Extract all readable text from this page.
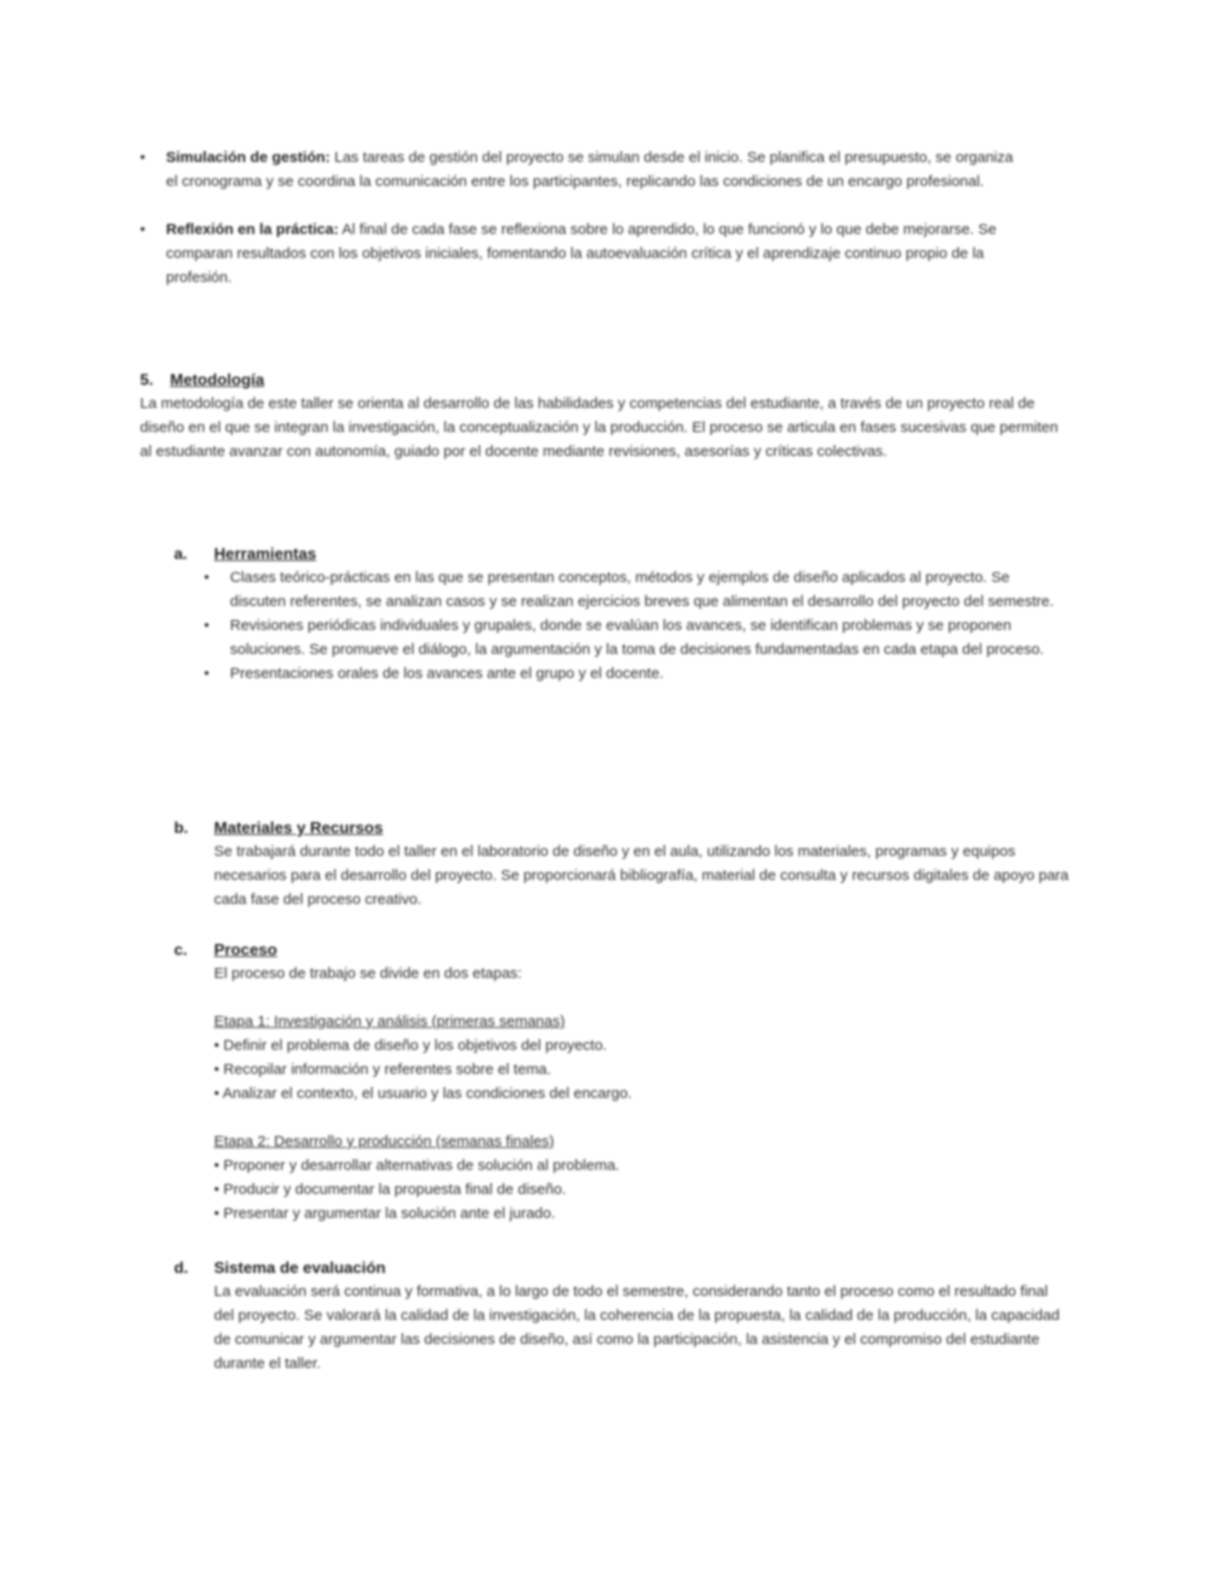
•	Simulación de gestión: Las tareas de gestión del proyecto se simulan desde el inicio. Se planifica el presupuesto, se organiza el cronograma y se coordina la comunicación entre los participantes, replicando las condiciones de un encargo profesional.
•	Reflexión en la práctica: Al final de cada fase se reflexiona sobre lo aprendido, lo que funcionó y lo que debe mejorarse. Se comparan resultados con los objetivos iniciales, fomentando la autoevaluación crítica y el aprendizaje continuo propio de la profesión.
5. Metodología
La metodología de este taller se orienta al desarrollo de las habilidades y competencias del estudiante, a través de un proyecto real de diseño en el que se integran la investigación, la conceptualización y la producción. El proceso se articula en fases sucesivas que permiten al estudiante avanzar con autonomía, guiado por el docente mediante revisiones, asesorías y críticas colectivas.
a. Herramientas
•	Clases teórico-prácticas en las que se presentan conceptos, métodos y ejemplos de diseño aplicados al proyecto. Se discuten referentes, se analizan casos y se realizan ejercicios breves que alimentan el desarrollo del proyecto del semestre.
•	Revisiones periódicas individuales y grupales, donde se evalúan los avances, se identifican problemas y se proponen soluciones. Se promueve el diálogo, la argumentación y la toma de decisiones fundamentadas en cada etapa del proceso.
•	Presentaciones orales de los avances ante el grupo y el docente.
b. Materiales y Recursos
Se trabajará durante todo el taller en el laboratorio de diseño y en el aula, utilizando los materiales, programas y equipos necesarios para el desarrollo del proyecto. Se proporcionará bibliografía, material de consulta y recursos digitales de apoyo para cada fase del proceso creativo.
c. Proceso
El proceso de trabajo se divide en dos etapas:
Etapa 1: Investigación y análisis (primeras semanas)
• Definir el problema de diseño y los objetivos del proyecto.
• Recopilar información y referentes sobre el tema.
• Analizar el contexto, el usuario y las condiciones del encargo.
Etapa 2: Desarrollo y producción (semanas finales)
• Proponer y desarrollar alternativas de solución al problema.
• Producir y documentar la propuesta final de diseño.
• Presentar y argumentar la solución ante el jurado.
d. Sistema de evaluación
La evaluación será continua y formativa, a lo largo de todo el semestre, considerando tanto el proceso como el resultado final del proyecto. Se valorará la calidad de la investigación, la coherencia de la propuesta, la calidad de la producción, la capacidad de comunicar y argumentar las decisiones de diseño, así como la participación, la asistencia y el compromiso del estudiante durante el taller.
